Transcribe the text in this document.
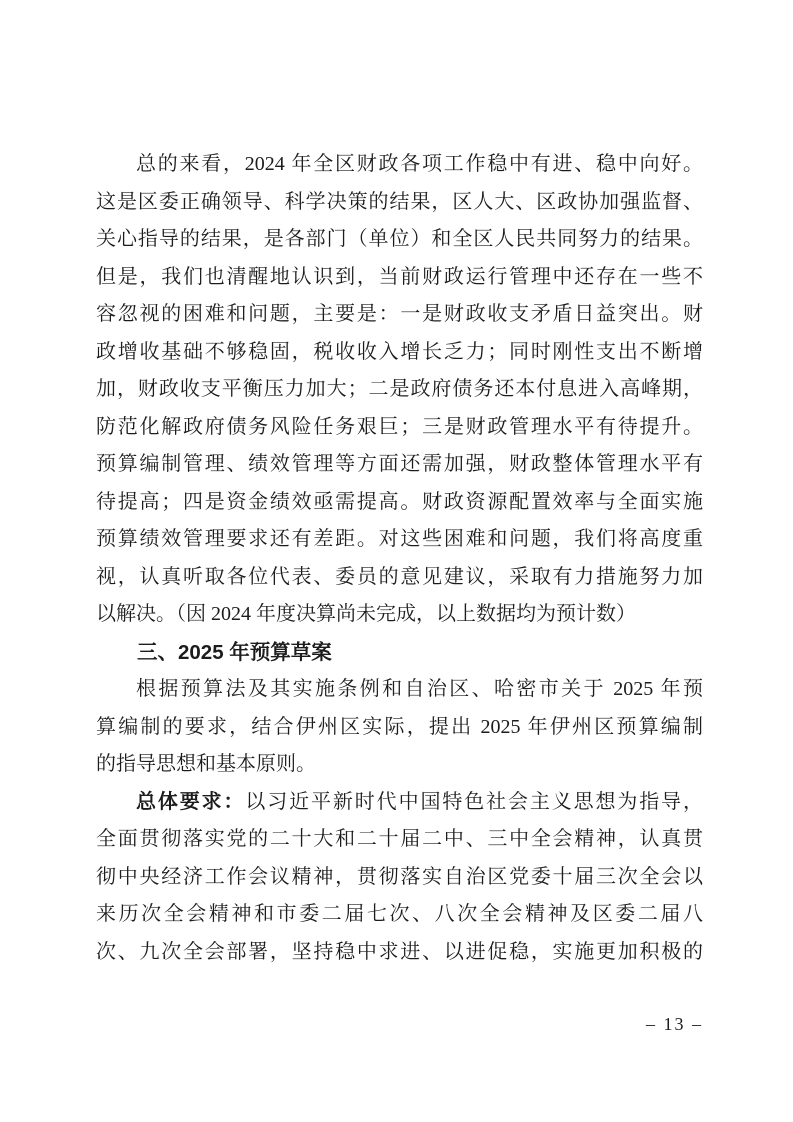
总的来看，2024 年全区财政各项工作稳中有进、稳中向好。
这是区委正确领导、科学决策的结果，区人大、区政协加强监督、
关心指导的结果，是各部门（单位）和全区人民共同努力的结果。
但是，我们也清醒地认识到，当前财政运行管理中还存在一些不
容忽视的困难和问题，主要是：一是财政收支矛盾日益突出。财
政增收基础不够稳固，税收收入增长乏力；同时刚性支出不断增
加，财政收支平衡压力加大；二是政府债务还本付息进入高峰期，
防范化解政府债务风险任务艰巨；三是财政管理水平有待提升。
预算编制管理、绩效管理等方面还需加强，财政整体管理水平有
待提高；四是资金绩效亟需提高。财政资源配置效率与全面实施
预算绩效管理要求还有差距。对这些困难和问题，我们将高度重
视，认真听取各位代表、委员的意见建议，采取有力措施努力加
以解决。（因 2024 年度决算尚未完成，以上数据均为预计数）
三、2025 年预算草案
根据预算法及其实施条例和自治区、哈密市关于 2025 年预
算编制的要求，结合伊州区实际，提出 2025 年伊州区预算编制
的指导思想和基本原则。
总体要求：以习近平新时代中国特色社会主义思想为指导，
全面贯彻落实党的二十大和二十届二中、三中全会精神，认真贯
彻中央经济工作会议精神，贯彻落实自治区党委十届三次全会以
来历次全会精神和市委二届七次、八次全会精神及区委二届八
次、九次全会部署，坚持稳中求进、以进促稳，实施更加积极的
– 13 –
